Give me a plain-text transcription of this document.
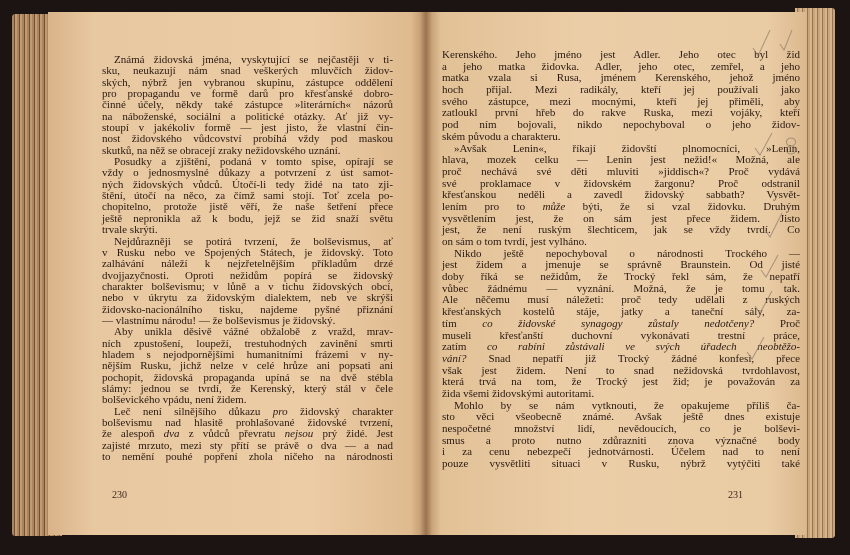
Známá židovská jména, vyskytující se nejčastěji v ti-
sku, neukazují nám snad veškerých mluvčích židov-
ských, nýbrž jen vybranou skupinu, zástupce oddělení
pro propagandu ve formě darů pro křesťanské dobro-
činné účely, někdy také zástupce »literárních« názorů
na náboženské, sociální a politické otázky. Ať již vy-
stoupí v jakékoliv formě — jest jisto, že vlastní čin-
nost židovského vůdcovství probíhá vždy pod maskou
skutků, na něž se obracejí zraky nežidovského uznání.
Posudky a zjištění, podaná v tomto spise, opírají se
vždy o jednosmyslné důkazy a potvrzení z úst samot-
ných židovských vůdců. Útočí-li tedy židé na tato zji-
štění, útočí na něco, za čímž sami stojí. Toť zcela po-
chopitelno, protože jistě věří, že naše šetření přece
ještě nepronikla až k bodu, jejž se žid snaží světu
trvale skrýti.
Nejdůrazněji se potírá tvrzení, že bolševismus, ať
v Rusku nebo ve Spojených Státech, je židovský. Toto
zalhávání náleží k nejzřetelnějším příkladům drzé
dvojjazyčnosti. Oproti nežidům popírá se židovský
charakter bolševismu; v lůně a v tichu židovských obcí,
nebo v úkrytu za židovským dialektem, neb ve skrýši
židovsko-nacionálního tisku, najdeme pyšné přiznání
— vlastnímu národu! — že bolševismus je židovský.
Aby unikla děsivě vážné obžalobě z vražd, mrav-
ních zpustošení, loupeží, trestuhodných zavinění smrti
hladem s nejodpornějšími humanitními frázemi v ny-
nějším Rusku, jichž nelze v celé hrůze ani popsati ani
pochopit, židovská propaganda upíná se na dvě stébla
slámy: jednou se tvrdí, že Kerenský, který stál v čele
bolševického vpádu, není židem.
Leč není silnějšího důkazu pro židovský charakter
bolševismu nad hlasitě prohlašované židovské tvrzení,
že alespoň dva z vůdců převratu nejsou prý židé. Jest
zajisté mrzuto, mezi sty přítí se právě o dva — a nad
to nemění pouhé popření zhola ničeho na národnosti
Kerenského. Jeho jméno jest Adler. Jeho otec byl žid
a jeho matka židovka. Adler, jeho otec, zemřel, a jeho
matka vzala si Rusa, jménem Kerenského, jehož jméno
hoch přijal. Mezi radikály, kteří jej používali jako
svého zástupce, mezi mocnými, kteří jej přiměli, aby
zatloukl první hřeb do rakve Ruska, mezi vojáky, kteří
pod ním bojovali, nikdo nepochyboval o jeho židov-
ském původu a charakteru.
»Avšak Lenin«, říkají židovští plnomocníci, »Lenin,
hlava, mozek celku — Lenin jest nežid!« Možná, ale
proč nechává své děti mluviti »jiddisch«? Proč vydává
své proklamace v židovském žargonu? Proč odstranil
křesťanskou neděli a zavedl židovský sabbath? Vysvět-
lením pro to může býti, že si vzal židovku. Druhým
vysvětlením jest, že on sám jest přece židem. Jisto
jest, že není ruským šlechticem, jak se vždy tvrdí. Co
on sám o tom tvrdí, jest vylháno.
Nikdo ještě nepochyboval o národnosti Trockého —
jest židem a jmenuje se správně Braunstein. Od jisté
doby říká se nežidům, že Trocký řekl sám, že nepatří
vůbec žádnému — vyznání. Možná, že je tomu tak.
Ale něčemu musí náležeti: proč tedy udělali z ruských
křesťanských kostelů stáje, jatky a taneční sály, za-
tím co židovské synagogy zůstaly nedotčeny? Proč
museli křesťanští duchovní vykonávati trestní práce,
zatím co rabíni zůstávali ve svých úřadech neobtěžo-
vání? Snad nepatří již Trocký žádné konfesi, přece
však jest židem. Není to snad nežidovská tvrdohlavost,
která trvá na tom, že Trocký jest žid; je považován za
žida všemi židovskými autoritami.
Mohlo by se nám vytknouti, že opakujeme příliš ča-
sto věci všeobecně známé. Avšak ještě dnes existuje
nespočetné množství lidí, nevědoucích, co je bolševi-
smus a proto nutno zdůrazniti znova význačné body
i za cenu nebezpečí jednotvárnosti. Účelem nad to není
pouze vysvětliti situaci v Rusku, nýbrž vytýčiti také
230	231
